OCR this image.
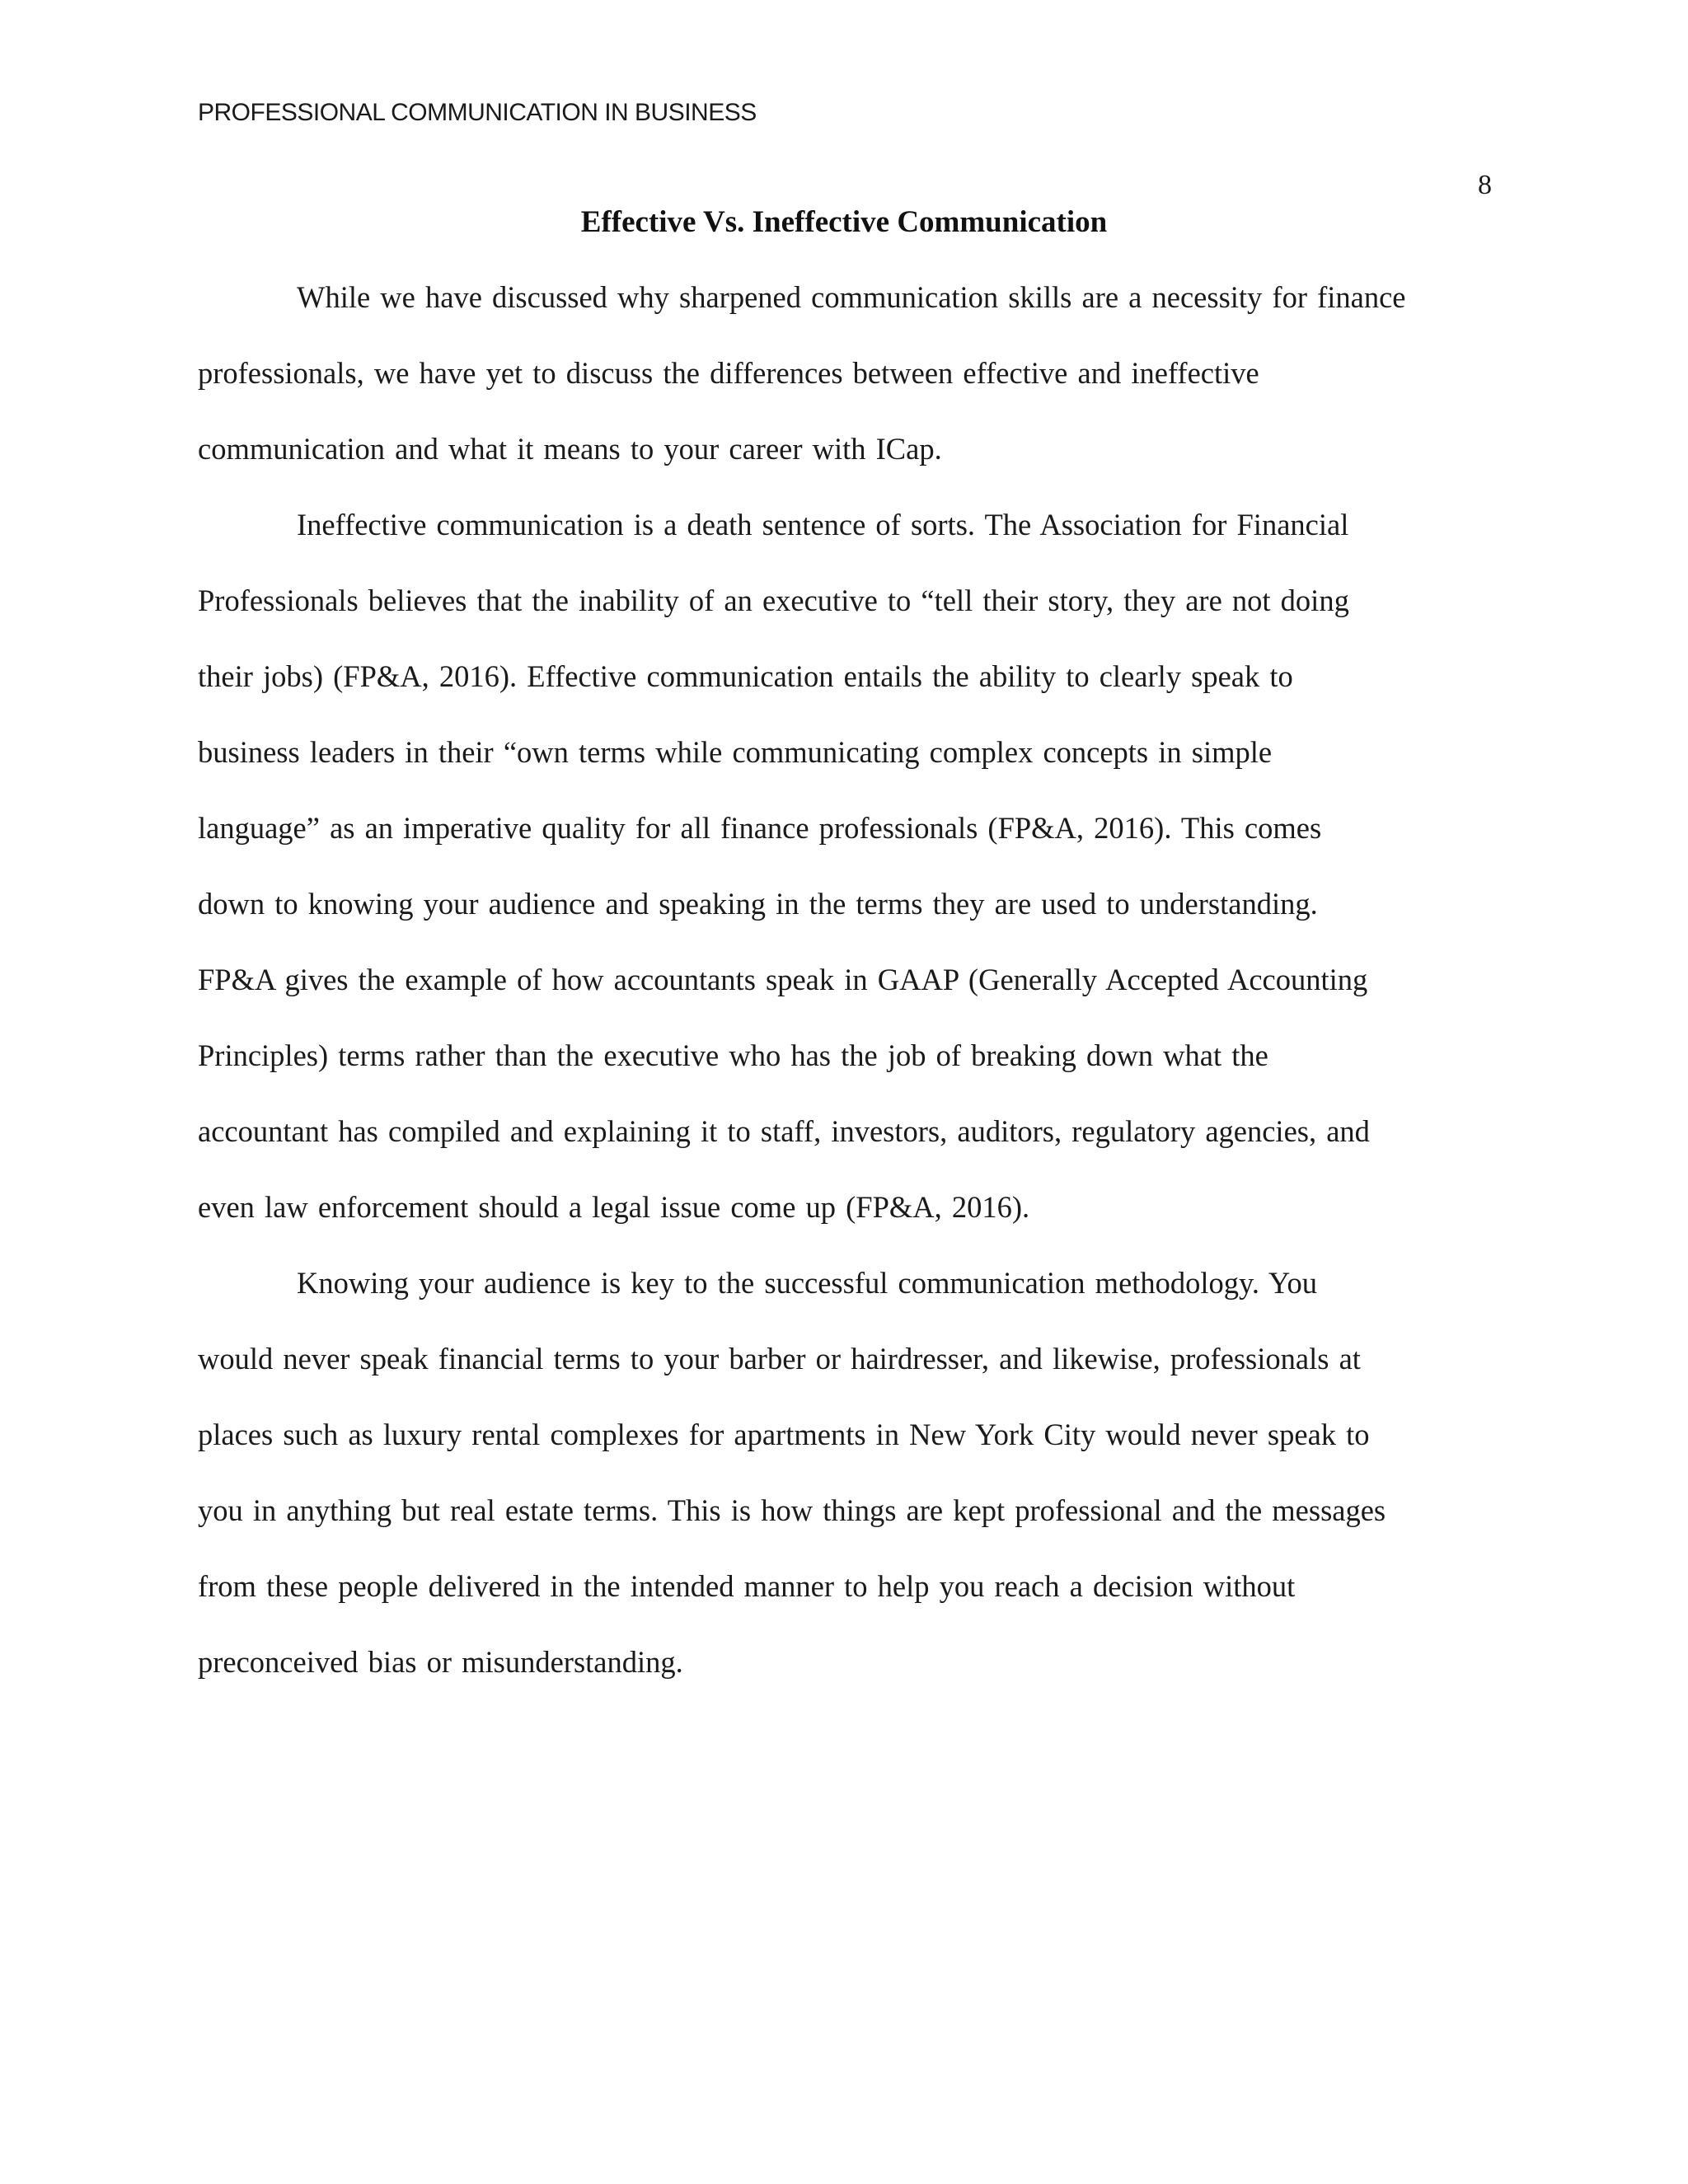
PROFESSIONAL COMMUNICATION IN BUSINESS
8
Effective Vs. Ineffective Communication
While we have discussed why sharpened communication skills are a necessity for finance
professionals, we have yet to discuss the differences between effective and ineffective
communication and what it means to your career with ICap.
Ineffective communication is a death sentence of sorts. The Association for Financial
Professionals believes that the inability of an executive to “tell their story, they are not doing
their jobs) (FP&A, 2016). Effective communication entails the ability to clearly speak to
business leaders in their “own terms while communicating complex concepts in simple
language” as an imperative quality for all finance professionals (FP&A, 2016). This comes
down to knowing your audience and speaking in the terms they are used to understanding.
FP&A gives the example of how accountants speak in GAAP (Generally Accepted Accounting
Principles) terms rather than the executive who has the job of breaking down what the
accountant has compiled and explaining it to staff, investors, auditors, regulatory agencies, and
even law enforcement should a legal issue come up (FP&A, 2016).
Knowing your audience is key to the successful communication methodology. You
would never speak financial terms to your barber or hairdresser, and likewise, professionals at
places such as luxury rental complexes for apartments in New York City would never speak to
you in anything but real estate terms. This is how things are kept professional and the messages
from these people delivered in the intended manner to help you reach a decision without
preconceived bias or misunderstanding.
